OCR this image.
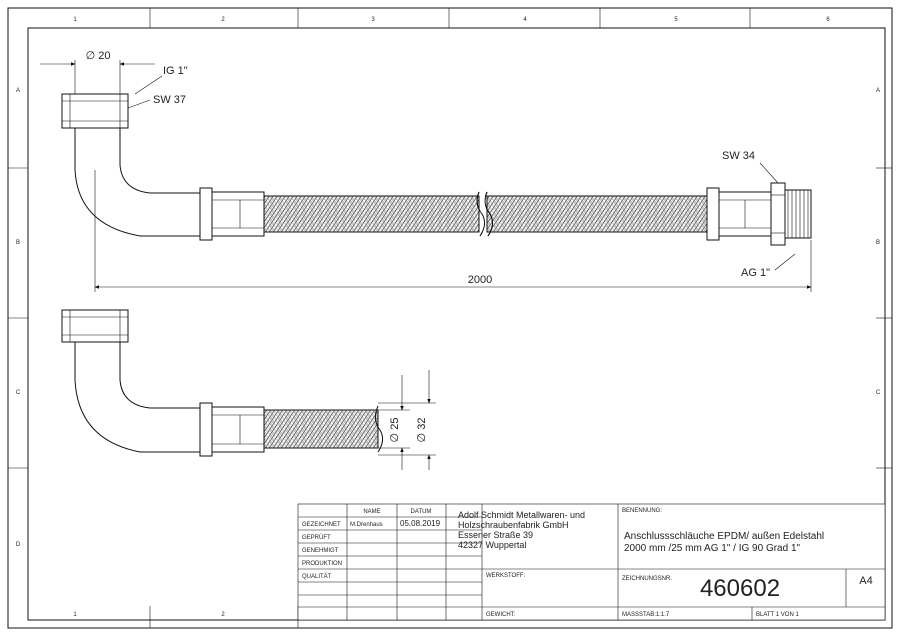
1	2	3	4	5	6
1	2
A
B
C
D
A
B
C
∅ 20
IG 1"
SW 37
SW 34
AG 1"
2000
∅ 25 ∅ 32
NAME	DATUM
GEZEICHNET M.Drenhaus 05.08.2019
GEPRÜFT
GENEHMIGT
PRODUKTION
QUALITÄT
Adolf Schmidt Metallwaren- und
Holzschraubenfabrik GmbH
Essener Straße 39
42327 Wuppertal
BENENNUNG:
Anschlussschläuche EPDM/ außen Edelstahl
2000 mm /25 mm AG 1" / IG 90 Grad 1"
WERKSTOFF:	ZEICHNUNGSNR. 460602	A4
GEWICHT:	MASSSTAB:1:1.7	BLATT 1 VON 1
